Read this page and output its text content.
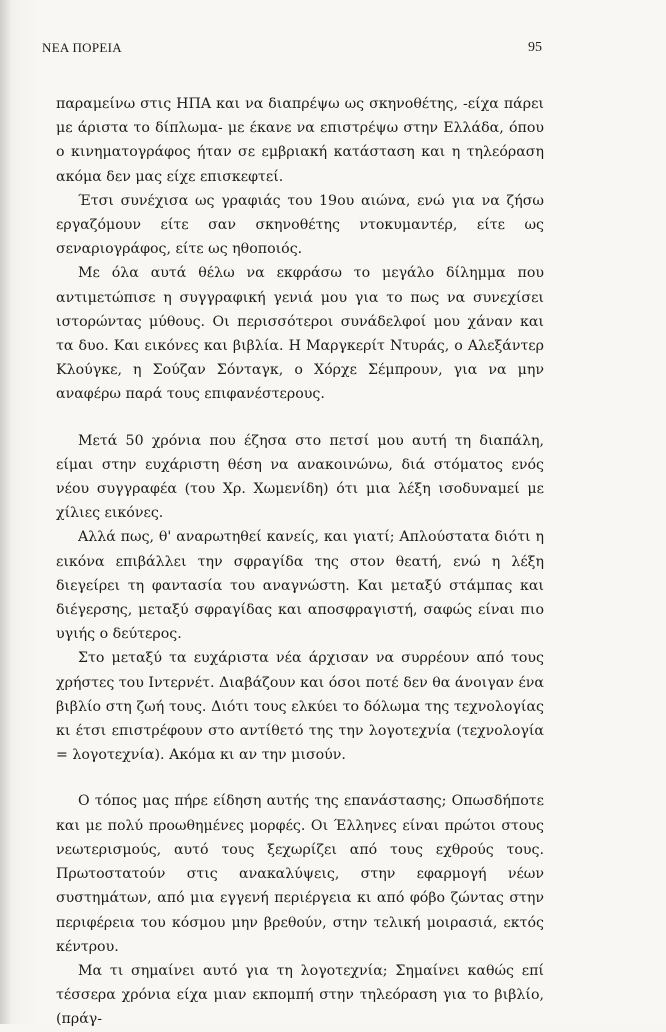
ΝΕΑ ΠΟΡΕΙΑ	95

παραμείνω στις ΗΠΑ και να διαπρέψω ως σκηνοθέτης, -είχα πάρει με άριστα το δίπλωμα- με έκανε να επιστρέψω στην Ελλάδα, όπου ο κινηματογράφος ήταν σε εμβριακή κατάσταση και η τηλεόραση ακόμα δεν μας είχε επισκεφτεί.

Έτσι συνέχισα ως γραφιάς του 19ου αιώνα, ενώ για να ζήσω εργαζόμουν είτε σαν σκηνοθέτης ντοκυμαντέρ, είτε ως σεναριογράφος, είτε ως ηθοποιός.

Με όλα αυτά θέλω να εκφράσω το μεγάλο δίλημμα που αντιμετώπισε η συγγραφική γενιά μου για το πως να συνεχίσει ιστορώντας μύθους. Οι περισσότεροι συνάδελφοί μου χάναν και τα δυο. Και εικόνες και βιβλία. Η Μαργκερίτ Ντυράς, ο Αλεξάντερ Κλούγκε, η Σούζαν Σόνταγκ, ο Χόρχε Σέμπρουν, για να μην αναφέρω παρά τους επιφανέστερους.

Μετά 50 χρόνια που έζησα στο πετσί μου αυτή τη διαπάλη, είμαι στην ευχάριστη θέση να ανακοινώνω, διά στόματος ενός νέου συγγραφέα (του Χρ. Χωμενίδη) ότι μια λέξη ισοδυναμεί με χίλιες εικόνες.

Αλλά πως, θ' αναρωτηθεί κανείς, και γιατί; Απλούστατα διότι η εικόνα επιβάλλει την σφραγίδα της στον θεατή, ενώ η λέξη διεγείρει τη φαντασία του αναγνώστη. Και μεταξύ στάμπας και διέγερσης, μεταξύ σφραγίδας και αποσφραγιστή, σαφώς είναι πιο υγιής ο δεύτερος.

Στο μεταξύ τα ευχάριστα νέα άρχισαν να συρρέουν από τους χρήστες του Ιντερνέτ. Διαβάζουν και όσοι ποτέ δεν θα άνοιγαν ένα βιβλίο στη ζωή τους. Διότι τους ελκύει το δόλωμα της τεχνολογίας κι έτσι επιστρέφουν στο αντίθετό της την λογοτεχνία (τεχνολογία = λογοτεχνία). Ακόμα κι αν την μισούν.

Ο τόπος μας πήρε είδηση αυτής της επανάστασης; Οπωσδήποτε και με πολύ προωθημένες μορφές. Οι Έλληνες είναι πρώτοι στους νεωτερισμούς, αυτό τους ξεχωρίζει από τους εχθρούς τους. Πρωτοστατούν στις ανακαλύψεις, στην εφαρμογή νέων συστημάτων, από μια εγγενή περιέργεια κι από φόβο ζώντας στην περιφέρεια του κόσμου μην βρεθούν, στην τελική μοιρασιά, εκτός κέντρου.

Μα τι σημαίνει αυτό για τη λογοτεχνία; Σημαίνει καθώς επί τέσσερα χρόνια είχα μιαν εκπομπή στην τηλεόραση για το βιβλίο, (πράγ-
